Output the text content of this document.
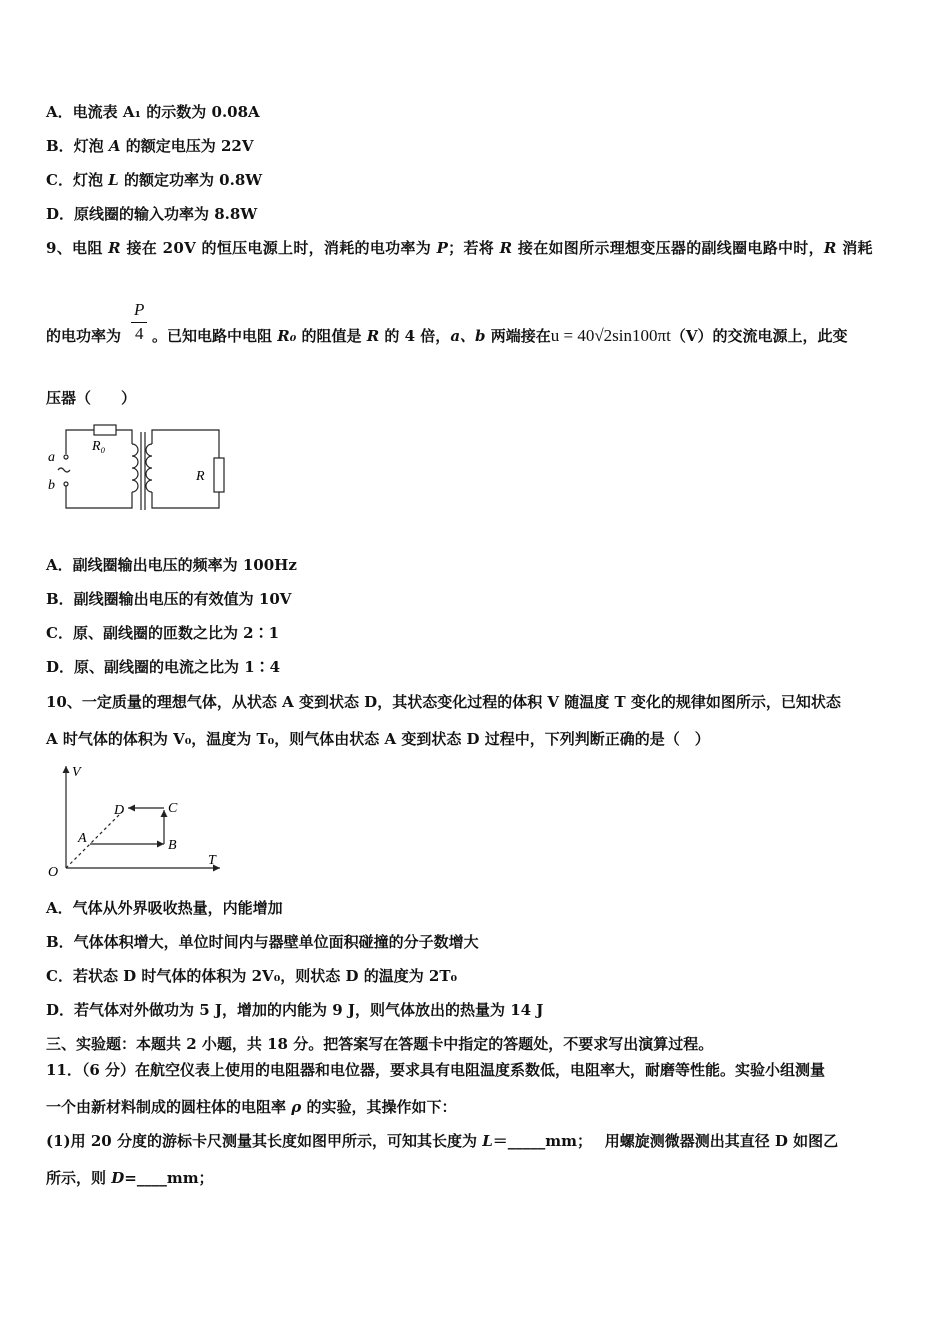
A．电流表 A₁ 的示数为 0.08A
B．灯泡 A 的额定电压为 22V
C．灯泡 L 的额定功率为 0.8W
D．原线圈的输入功率为 8.8W
9、电阻 R 接在 20V 的恒压电源上时，消耗的电功率为 P；若将 R 接在如图所示理想变压器的副线圈电路中时，R 消耗
P
4
的电功率为 。已知电路中电阻 R₀ 的阻值是 R 的 4 倍，a、b 两端接在u = 40√2sin100πt（V）的交流电源上，此变
压器（　　）
a
b
R₀
R
A．副线圈输出电压的频率为 100Hz
B．副线圈输出电压的有效值为 10V
C．原、副线圈的匝数之比为 2∶1
D．原、副线圈的电流之比为 1∶4
10、一定质量的理想气体，从状态 A 变到状态 D，其状态变化过程的体积 V 随温度 T 变化的规律如图所示，已知状态
A 时气体的体积为 V₀，温度为 T₀，则气体由状态 A 变到状态 D 过程中，下列判断正确的是（　）
V
T
O
A	B
C
D
A．气体从外界吸收热量，内能增加
B．气体体积增大，单位时间内与器壁单位面积碰撞的分子数增大
C．若状态 D 时气体的体积为 2V₀，则状态 D 的温度为 2T₀
D．若气体对外做功为 5 J，增加的内能为 9 J，则气体放出的热量为 14 J
三、实验题：本题共 2 小题，共 18 分。把答案写在答题卡中指定的答题处，不要求写出演算过程。
11．（6 分）在航空仪表上使用的电阻器和电位器，要求具有电阻温度系数低，电阻率大，耐磨等性能。实验小组测量
一个由新材料制成的圆柱体的电阻率 ρ 的实验，其操作如下：
(1)用 20 分度的游标卡尺测量其长度如图甲所示，可知其长度为 L＝_____mm；　 用螺旋测微器测出其直径 D 如图乙
所示，则 D=____mm；
